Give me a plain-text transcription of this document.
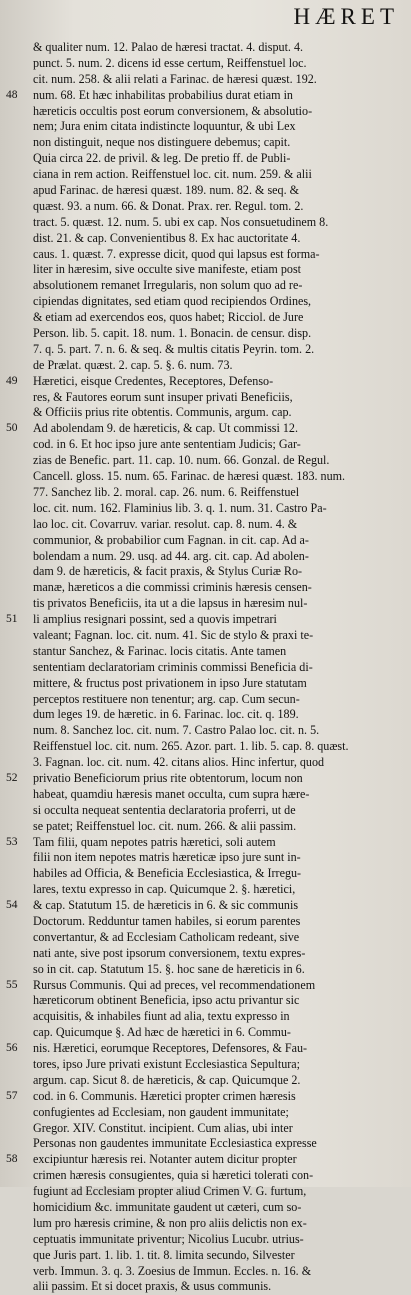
HÆRET
& qualiter num. 12. Palao de hæresi tractat. 4. disput. 4.
punct. 5. num. 2. dicens id esse certum, Reiffenstuel loc.
cit. num. 258. & alii relati a Farinac. de hæresi quæst. 192.
48	num. 68. Et hæc inhabilitas probabilius durat etiam in
hæreticis occultis post eorum conversionem, & absolutio-
nem; Jura enim citata indistincte loquuntur, & ubi Lex
non distinguit, neque nos distinguere debemus; capit.
Quia circa 22. de privil. & leg. De pretio ff. de Publi-
ciana in rem action. Reiffenstuel loc. cit. num. 259. & alii
apud Farinac. de hæresi quæst. 189. num. 82. & seq. &
quæst. 93. a num. 66. & Donat. Prax. rer. Regul. tom. 2.
tract. 5. quæst. 12. num. 5. ubi ex cap. Nos consuetudinem 8.
dist. 21. & cap. Convenientibus 8. Ex hac auctoritate 4.
caus. 1. quæst. 7. expresse dicit, quod qui lapsus est forma-
liter in hæresim, sive occulte sive manifeste, etiam post
absolutionem remanet Irregularis, non solum quo ad re-
cipiendas dignitates, sed etiam quod recipiendos Ordines,
& etiam ad exercendos eos, quos habet; Ricciol. de Jure
Person. lib. 5. capit. 18. num. 1. Bonacin. de censur. disp.
7. q. 5. part. 7. n. 6. & seq. & multis citatis Peyrin. tom. 2.
de Prælat. quæst. 2. cap. 5. §. 6. num. 73.
49	Hæretici, eisque Credentes, Receptores, Defenso-
res, & Fautores eorum sunt insuper privati Beneficiis,
& Officiis prius rite obtentis. Communis, argum. cap.
50	Ad abolendam 9. de hæreticis, & cap. Ut commissi 12.
cod. in 6. Et hoc ipso jure ante sententiam Judicis; Gar-
zias de Benefic. part. 11. cap. 10. num. 66. Gonzal. de Regul.
Cancell. gloss. 15. num. 65. Farinac. de hæresi quæst. 183. num.
77. Sanchez lib. 2. moral. cap. 26. num. 6. Reiffenstuel
loc. cit. num. 162. Flaminius lib. 3. q. 1. num. 31. Castro Pa-
lao loc. cit. Covarruv. variar. resolut. cap. 8. num. 4. &
communior, & probabilior cum Fagnan. in cit. cap. Ad a-
bolendam a num. 29. usq. ad 44. arg. cit. cap. Ad abolen-
dam 9. de hæreticis, & facit praxis, & Stylus Curiæ Ro-
manæ, hæreticos a die commissi criminis hæresis censen-
tis privatos Beneficiis, ita ut a die lapsus in hæresim nul-
51	li amplius resignari possint, sed a quovis impetrari
valeant; Fagnan. loc. cit. num. 41. Sic de stylo & praxi te-
stantur Sanchez, & Farinac. locis citatis. Ante tamen
sententiam declaratoriam criminis commissi Beneficia di-
mittere, & fructus post privationem in ipso Jure statutam
perceptos restituere non tenentur; arg. cap. Cum secun-
dum leges 19. de hæretic. in 6. Farinac. loc. cit. q. 189.
num. 8. Sanchez loc. cit. num. 7. Castro Palao loc. cit. n. 5.
Reiffenstuel loc. cit. num. 265. Azor. part. 1. lib. 5. cap. 8. quæst.
3. Fagnan. loc. cit. num. 42. citans alios. Hinc infertur, quod
52	privatio Beneficiorum prius rite obtentorum, locum non
habeat, quamdiu hæresis manet occulta, cum supra hære-
si occulta nequeat sententia declaratoria proferri, ut de
se patet; Reiffenstuel loc. cit. num. 266. & alii passim.
53	Tam filii, quam nepotes patris hæretici, soli autem
filii non item nepotes matris hæreticæ ipso jure sunt in-
habiles ad Officia, & Beneficia Ecclesiastica, & Irregu-
lares, textu expresso in cap. Quicumque 2. §. hæretici,
54	& cap. Statutum 15. de hæreticis in 6. & sic communis
Doctorum. Redduntur tamen habiles, si eorum parentes
convertantur, & ad Ecclesiam Catholicam redeant, sive
nati ante, sive post ipsorum conversionem, textu expres-
so in cit. cap. Statutum 15. §. hoc sane de hæreticis in 6.
55	Rursus Communis. Qui ad preces, vel recommendationem
hæreticorum obtinent Beneficia, ipso actu privantur sic
acquisitis, & inhabiles fiunt ad alia, textu expresso in
cap. Quicumque §. Ad hæc de hæretici in 6. Commu-
56	nis. Hæretici, eorumque Receptores, Defensores, & Fau-
tores, ipso Jure privati existunt Ecclesiastica Sepultura;
argum. cap. Sicut 8. de hæreticis, & cap. Quicumque 2.
57	cod. in 6. Communis. Hæretici propter crimen hæresis
confugientes ad Ecclesiam, non gaudent immunitate;
Gregor. XIV. Constitut. incipient. Cum alias, ubi inter
Personas non gaudentes immunitate Ecclesiastica expresse
58	excipiuntur hæresis rei. Notanter autem dicitur propter
crimen hæresis consugientes, quia si hæretici tolerati con-
fugiunt ad Ecclesiam propter aliud Crimen V. G. furtum,
homicidium &c. immunitate gaudent ut cæteri, cum so-
lum pro hæresis crimine, & non pro aliis delictis non ex-
ceptuatis immunitate priventur; Nicolius Lucubr. utrius-
que Juris part. 1. lib. 1. tit. 8. limita secundo, Silvester
verb. Immun. 3. q. 3. Zoesius de Immun. Eccles. n. 16. &
alii passim. Et si docet praxis, & usus communis.
